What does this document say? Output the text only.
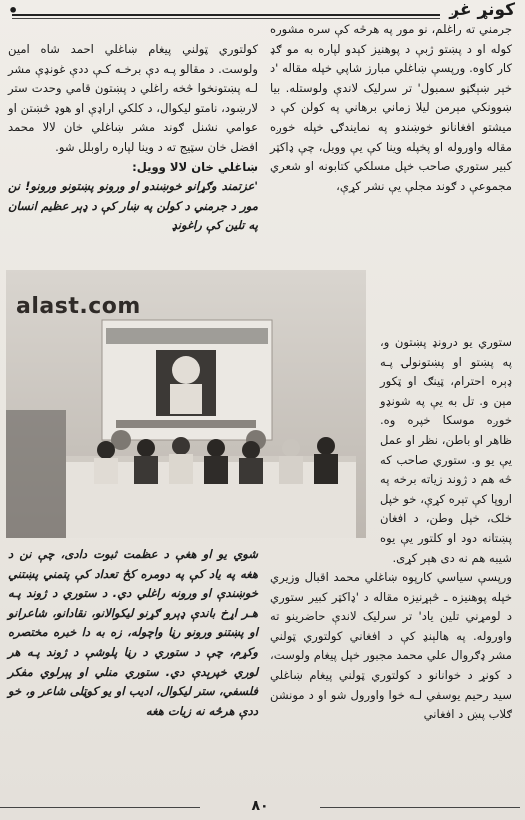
•	کونړ غږ

جرمني ته راغلم، نو مور په هرڅه کې سره مشوره کوله او د پښتو ژبې د پوهنيز کېدو لپاره به مو ګډ کار کاوه. ورپسې ښاغلي مبارز شاپي خپله مقاله 'د خېر ښېګڼو سمبول' تر سرليک لاندې ولوستله. بيا ښوونکي مېرمن ليلا زماني برهاني په کولن کې د ميشتو افغانانو خوښندو په نمايندګۍ خپله خوږه مقاله واوروله او پخپله وينا کې يې وويل، چې ډاکټر کبير ستوري صاحب خپل مسلکي کتابونه او شعري مجموعې د ګوند مجلې يې نشر کړې،

ستوري يو درونډ پښتون و، په پښتو او پښتونولۍ پـه ډېره احترام، ټينګ او ټکور مېن و. تل به يې په شونډو خوږه موسکا خپره وه. ظاهر او باطن، نظر او عمل يې يو و. ستوري صاحب که څه هم د ژوند زياته برخه په اروپا کې تېره کړې، خو خپل خلک، خپل وطن، د افغان پښتانه دود او کلتور يې يوه شيبه هم نه دى هېر کړى.

ورپسې سياسي کارپوه ښاغلي محمد اقبال وزيري خپله پوهنيزه ـ څېړنيزه مقاله د 'ډاکټر کبير ستوري د لومړني تلين ياد' تر سرليک لاندې حاضرينو ته واوروله. په هالېنډ کې د افغاني کولتوري ټولني مشر ډګروال علي محمد مجبور خپل پيغام ولوست، د کونړ د خوانانو د کولتوري ټولني پيغام ښاغلي سيد رحيم يوسفي لـه خوا واورول شو او د مونشن ګلاب پښ د افغاني

کولتوري ټولني پيغام ښاغلي احمد شاه امين ولوست. د مقالو پـه دې برخـه کـې ددې غونډې مشر لـه پښتونخوا څخه راغلي د پښتون قامي وحدت ستر لارښود، نامتو ليکوال، د کلکي اراډې او هوډ څښتن او عوامي نشنل ګوند مشر ښاغلي خان لالا محمد افضل خان سټيج ته د وينا لپاره راوبلل شو.

ښاغلي خان لالا وويل:

'عزتمند وګړانو خوښندو او ورونو پښتونو ورونو! نن مور د جرمني د کولن په ښار کې د ډېر عظيم انسان په تلين کې راغونډ

alast.com

شوي يو او هغې د عظمت ثبوت دادى، چې نن د هغه په ياد کې په دومره کڅ تعداد کې پتمني پښتني خوښندې او ورونه راغلي دي. د ستوري د ژوند پـه هـر اړخ باندې ډېرو ګړنو ليکوالانو، نقادانو، شاعرانو او پښتنو ورونو رڼا واچوله، زه به دا خبره مختصره وکړم، چې د ستوري د رڼا پلوشې د ژوند پـه هر لوري خپرېدې دي. ستوري منلي او پېرلوي مفکر فلسفي، ستر ليکوال، اديب او يو کوټلى شاعر و، خو ددې هرڅه نه زيات هغه

۸۰
